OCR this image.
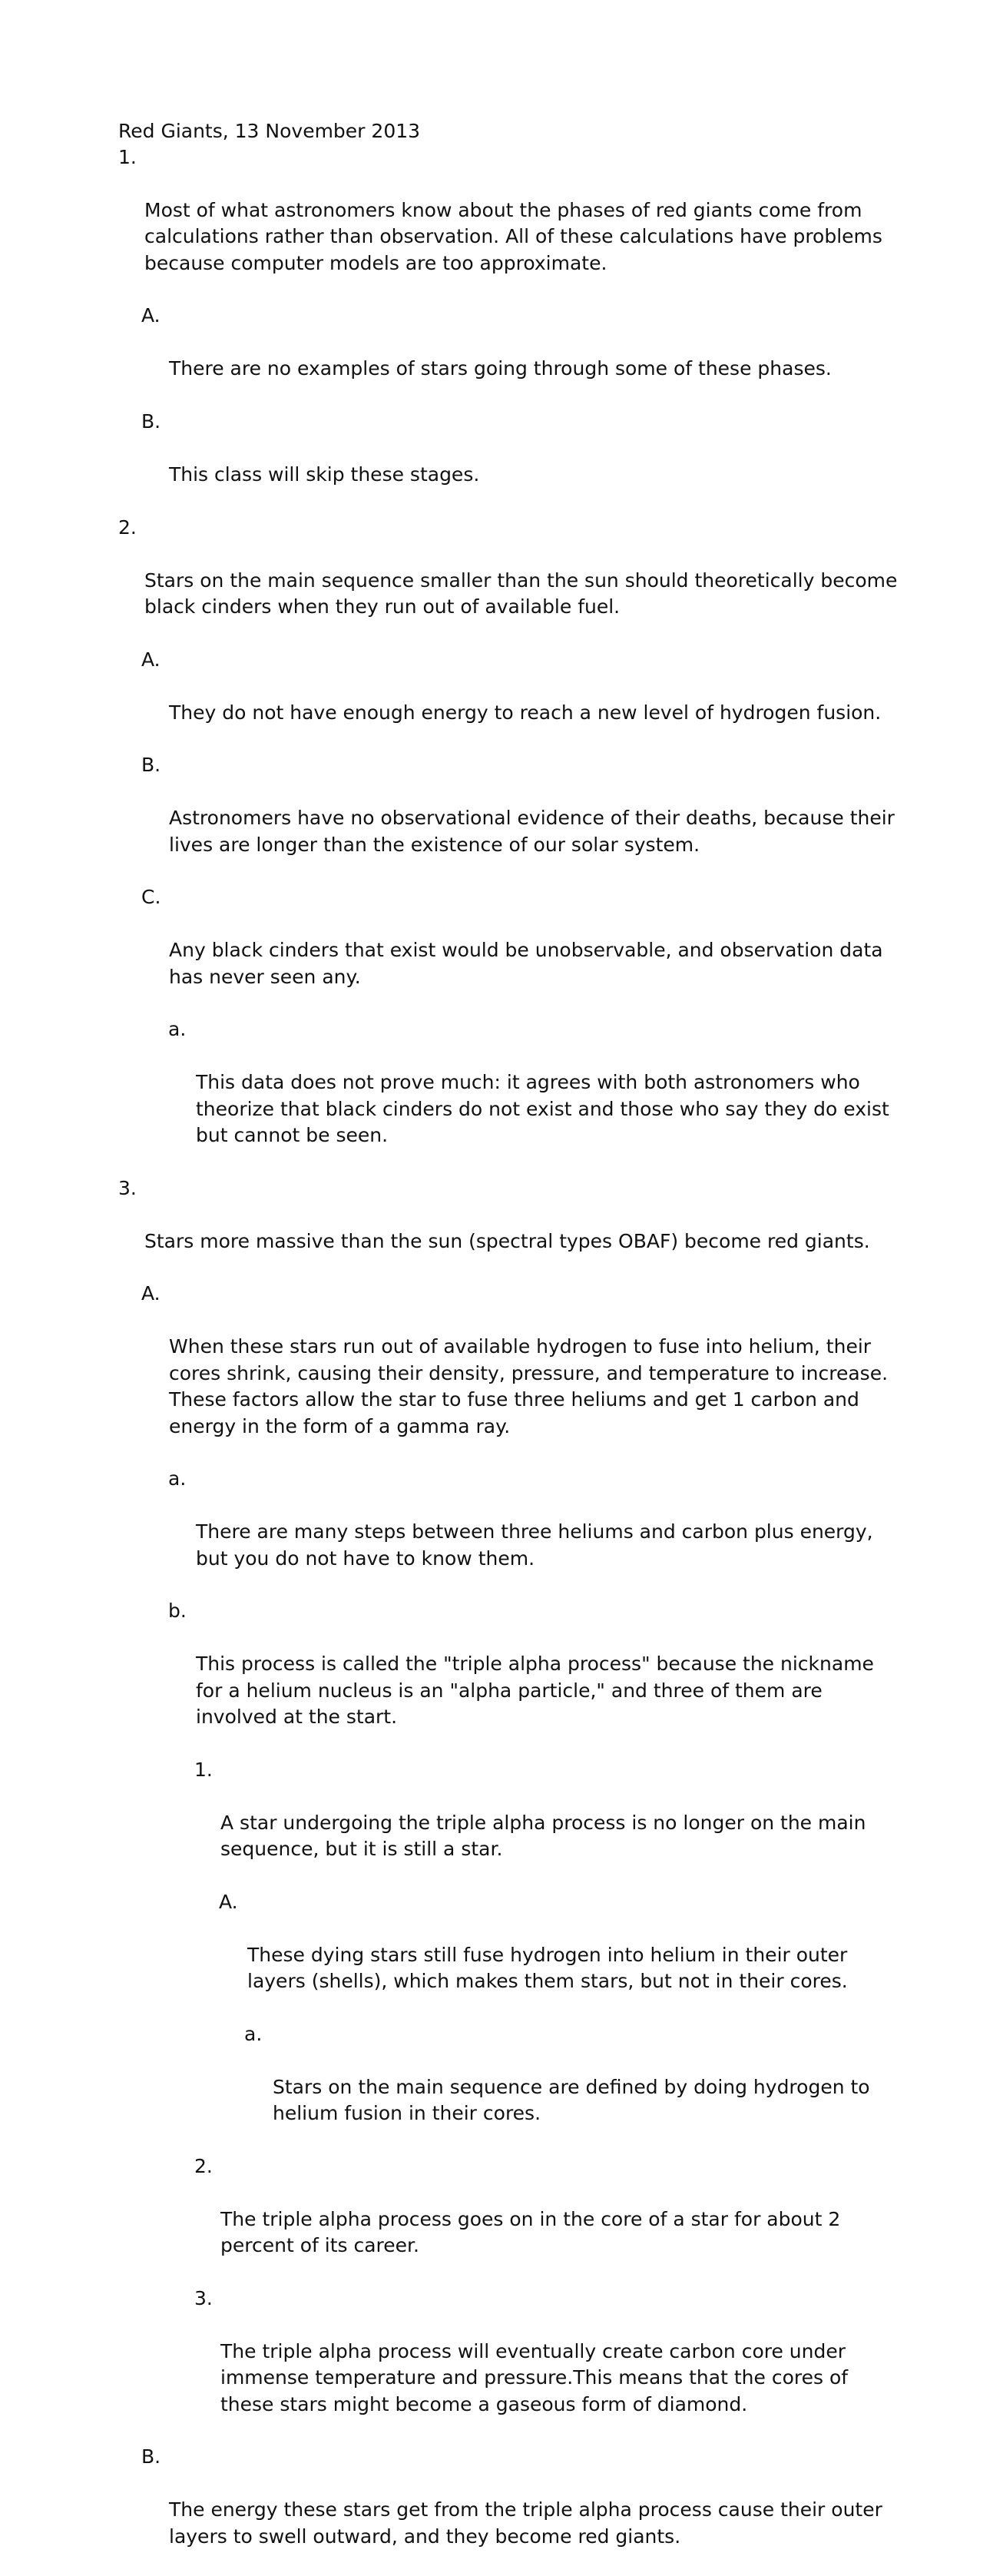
Red Giants, 13 November 2013

1.

Most of what astronomers know about the phases of red giants come from
calculations rather than observation. All of these calculations have problems
because computer models are too approximate.

A.

There are no examples of stars going through some of these phases.

B.

This class will skip these stages.

2.

Stars on the main sequence smaller than the sun should theoretically become
black cinders when they run out of available fuel.

A.

They do not have enough energy to reach a new level of hydrogen fusion.

B.

Astronomers have no observational evidence of their deaths, because their
lives are longer than the existence of our solar system.

C.

Any black cinders that exist would be unobservable, and observation data
has never seen any.

a.

This data does not prove much: it agrees with both astronomers who
theorize that black cinders do not exist and those who say they do exist
but cannot be seen.

3.

Stars more massive than the sun (spectral types OBAF) become red giants.

A.

When these stars run out of available hydrogen to fuse into helium, their
cores shrink, causing their density, pressure, and temperature to increase.
These factors allow the star to fuse three heliums and get 1 carbon and
energy in the form of a gamma ray.

a.

There are many steps between three heliums and carbon plus energy,
but you do not have to know them.

b.

This process is called the "triple alpha process" because the nickname
for a helium nucleus is an "alpha particle," and three of them are
involved at the start.

1.

A star undergoing the triple alpha process is no longer on the main
sequence, but it is still a star.

A.

These dying stars still fuse hydrogen into helium in their outer
layers (shells), which makes them stars, but not in their cores.

a.

Stars on the main sequence are defined by doing hydrogen to
helium fusion in their cores.

2.

The triple alpha process goes on in the core of a star for about 2
percent of its career.

3.

The triple alpha process will eventually create carbon core under
immense temperature and pressure.This means that the cores of
these stars might become a gaseous form of diamond.

B.

The energy these stars get from the triple alpha process cause their outer
layers to swell outward, and they become red giants.
